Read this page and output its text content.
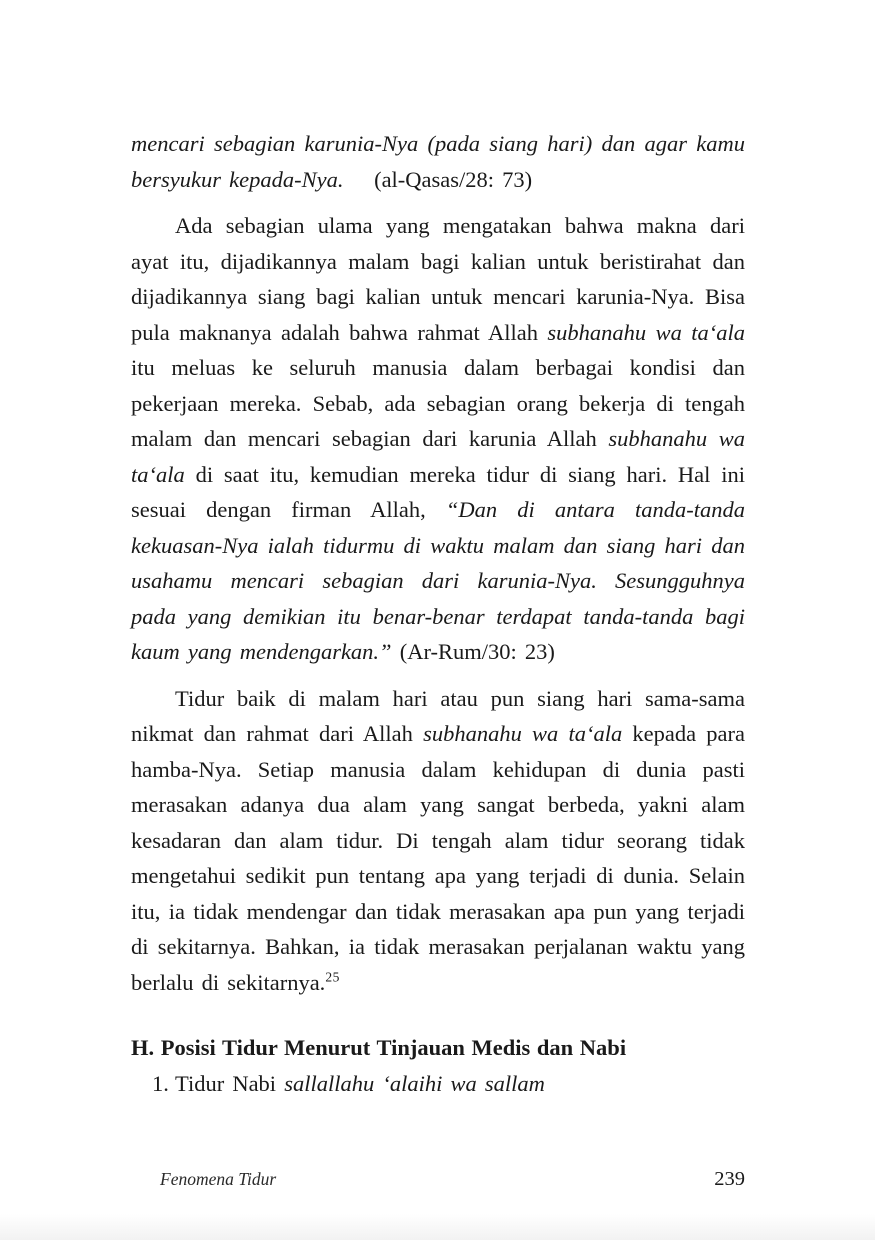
mencari sebagian karunia-Nya (pada siang hari) dan agar kamu bersyukur kepada-Nya.  (al-Qasas/28: 73)

Ada sebagian ulama yang mengatakan bahwa makna dari ayat itu, dijadikannya malam bagi kalian untuk beristirahat dan dijadikannya siang bagi kalian untuk mencari karunia-Nya. Bisa pula maknanya adalah bahwa rahmat Allah subhanahu wa ta‘ala itu meluas ke seluruh manusia dalam berbagai kondisi dan pekerjaan mereka. Sebab, ada sebagian orang bekerja di tengah malam dan mencari sebagian dari karunia Allah subhanahu wa ta‘ala di saat itu, kemudian mereka tidur di siang hari. Hal ini sesuai dengan firman Allah, “Dan di antara tanda-tanda kekuasan-Nya ialah tidurmu di waktu malam dan siang hari dan usahamu mencari sebagian dari karunia-Nya. Sesungguhnya pada yang demikian itu benar-benar terdapat tanda-tanda bagi kaum yang mendengarkan.” (Ar-Rum/30: 23)

Tidur baik di malam hari atau pun siang hari sama-sama nikmat dan rahmat dari Allah subhanahu wa ta‘ala kepada para hamba-Nya. Setiap manusia dalam kehidupan di dunia pasti merasakan adanya dua alam yang sangat berbeda, yakni alam kesadaran dan alam tidur. Di tengah alam tidur seorang tidak mengetahui sedikit pun tentang apa yang terjadi di dunia. Selain itu, ia tidak mendengar dan tidak merasakan apa pun yang terjadi di sekitarnya. Bahkan, ia tidak merasakan perjalanan waktu yang berlalu di sekitarnya.$^{25}$

H. Posisi Tidur Menurut Tinjauan Medis dan Nabi

1. Tidur Nabi sallallahu ‘alaihi wa sallam

Fenomena Tidur	239
